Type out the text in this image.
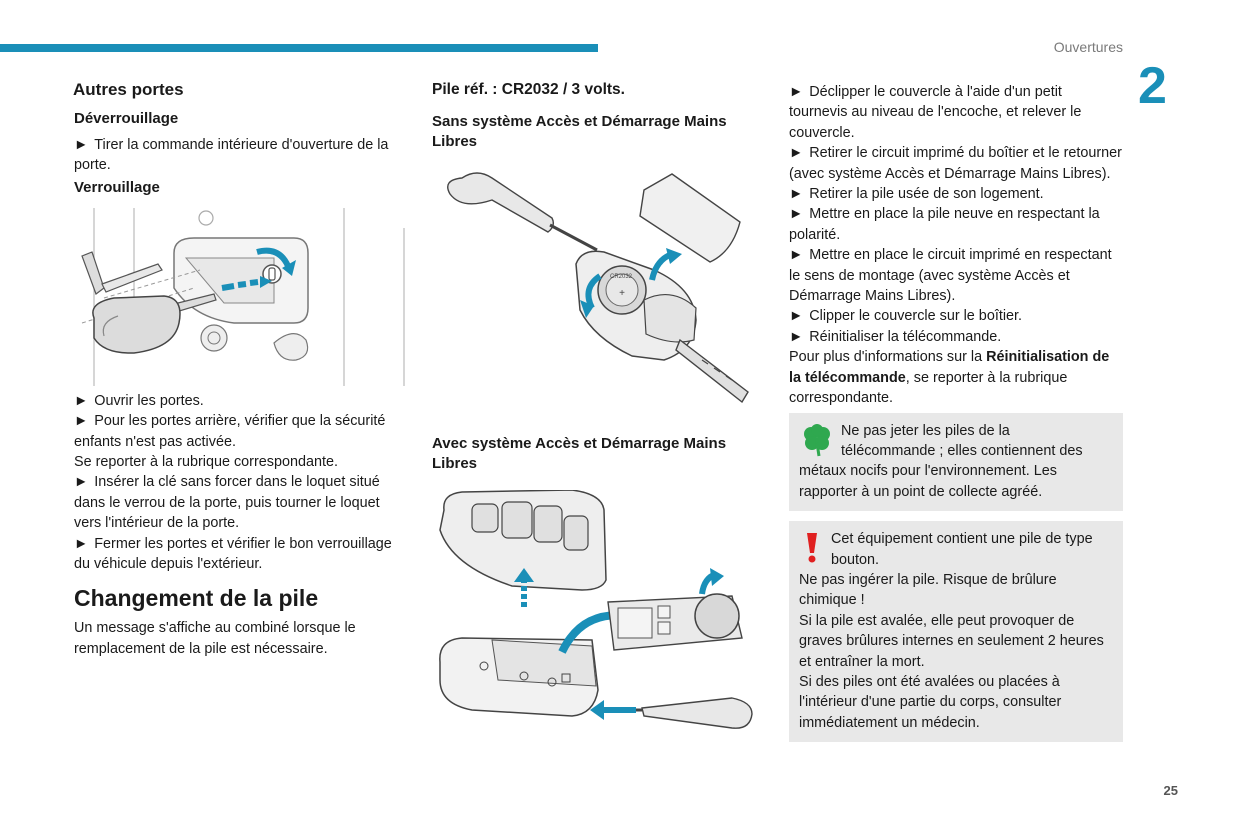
Ouvertures
2

Autres portes

Déverrouillage

► Tirer la commande intérieure d'ouverture de la porte.

Verrouillage

► Ouvrir les portes.

► Pour les portes arrière, vérifier que la sécurité enfants n'est pas activée.

Se reporter à la rubrique correspondante.

► Insérer la clé sans forcer dans le loquet situé dans le verrou de la porte, puis tourner le loquet vers l'intérieur de la porte.

► Fermer les portes et vérifier le bon verrouillage du véhicule depuis l'extérieur.

Changement de la pile

Un message s'affiche au combiné lorsque le remplacement de la pile est nécessaire.

Pile réf. : CR2032 / 3 volts.

Sans système Accès et Démarrage Mains Libres

CR2032
+

Avec système Accès et Démarrage Mains Libres

► Déclipper le couvercle à l'aide d'un petit tournevis au niveau de l'encoche, et relever le couvercle.

► Retirer le circuit imprimé du boîtier et le retourner (avec système Accès et Démarrage Mains Libres).

► Retirer la pile usée de son logement.

► Mettre en place la pile neuve en respectant la polarité.

► Mettre en place le circuit imprimé en respectant le sens de montage (avec système Accès et Démarrage Mains Libres).

► Clipper le couvercle sur le boîtier.

► Réinitialiser la télécommande.

Pour plus d'informations sur la Réinitialisation de la télécommande, se reporter à la rubrique correspondante.

Ne pas jeter les piles de la

télécommande ; elles contiennent des métaux nocifs pour l'environnement. Les rapporter à un point de collecte agréé.

Cet équipement contient une pile de type

bouton.

Ne pas ingérer la pile. Risque de brûlure chimique !

Si la pile est avalée, elle peut provoquer de graves brûlures internes en seulement 2 heures et entraîner la mort.

Si des piles ont été avalées ou placées à l'intérieur d'une partie du corps, consulter immédiatement un médecin.

25
